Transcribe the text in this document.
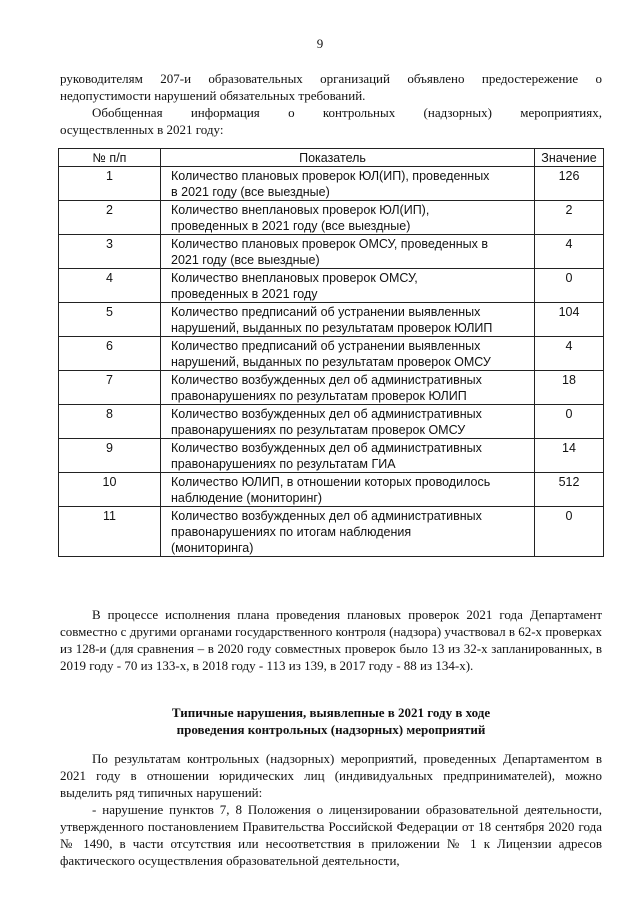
9

руководителям 207-и образовательных организаций объявлено предостережение о

недопустимости нарушений обязательных требований.

Обобщенная информация о контрольных (надзорных) мероприятиях,

осуществленных в 2021 году:

№ п/п	Показатель	Значение
1	Количество плановых проверок ЮЛ(ИП), проведенных в 2021 году (все выездные)	126
2	Количество внеплановых проверок ЮЛ(ИП), проведенных в 2021 году (все выездные)	2
3	Количество плановых проверок ОМСУ, проведенных в 2021 году (все выездные)	4
4	Количество внеплановых проверок ОМСУ, проведенных в 2021 году	0
5	Количество предписаний об устранении выявленных нарушений, выданных по результатам проверок ЮЛИП	104
6	Количество предписаний об устранении выявленных нарушений, выданных по результатам проверок ОМСУ	4
7	Количество возбужденных дел об административных правонарушениях по результатам проверок ЮЛИП	18
8	Количество возбужденных дел об административных правонарушениях по результатам проверок ОМСУ	0
9	Количество возбужденных дел об административных правонарушениях по результатам ГИА	14
10	Количество ЮЛИП, в отношении которых проводилось наблюдение (мониторинг)	512
11	Количество возбужденных дел об административных правонарушениях по итогам наблюдения (мониторинга)	0

В процессе исполнения плана проведения плановых проверок 2021 года Департамент совместно с другими органами государственного контроля (надзора) участвовал в 62-х проверках из 128-и (для сравнения – в 2020 году совместных проверок было 13 из 32-х запланированных, в 2019 году - 70 из 133-х, в 2018 году - 113 из 139, в 2017 году - 88 из 134-х).

Типичные нарушения, выявлепные в 2021 году в ходе
проведения контрольных (надзорных) мероприятий

По результатам контрольных (надзорных) мероприятий, проведенных Департаментом в 2021 году в отношении юридических лиц (индивидуальных предпринимателей), можно выделить ряд типичных нарушений:

- нарушение пунктов 7, 8 Положения о лицензировании образовательной деятельности, утвержденного постановлением Правительства Российской Федерации от 18 сентября 2020 года № 1490, в части отсутствия или несоответствия в приложении № 1 к Лицензии адресов фактического осуществления образовательной деятельности,
